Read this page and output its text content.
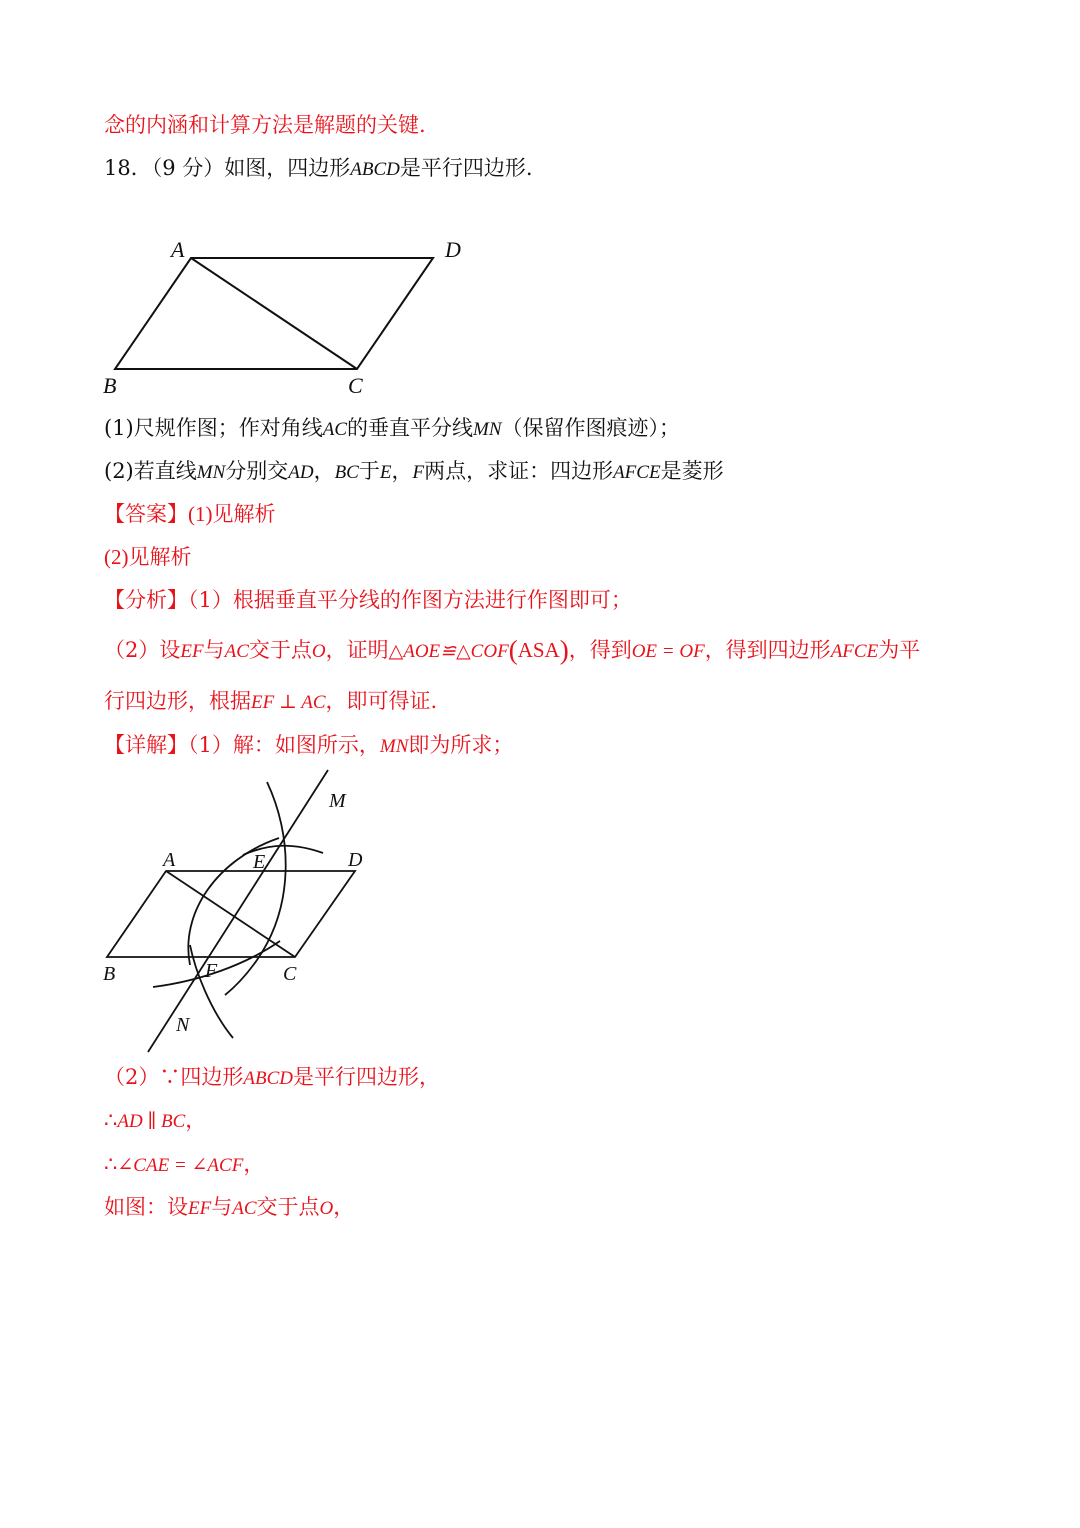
念的内涵和计算方法是解题的关键.
18．（9 分）如图，四边形ABCD是平行四边形.
A	D
B	C
(1)尺规作图；作对角线AC的垂直平分线MN（保留作图痕迹）；
(2)若直线MN分别交AD，BC于E，F两点，求证：四边形AFCE是菱形
【答案】(1)见解析
(2)见解析
【分析】（1）根据垂直平分线的作图方法进行作图即可；
（2）设EF与AC交于点O，证明△AOE≌△COF(ASA)，得到OE = OF，得到四边形AFCE为平
行四边形，根据EF ⊥ AC，即可得证.
【详解】（1）解：如图所示，MN即为所求；
A	E	D
B	F	C
M
N
（2）∵四边形ABCD是平行四边形，
∴AD ∥ BC，
∴∠CAE = ∠ACF，
如图：设EF与AC交于点O，
